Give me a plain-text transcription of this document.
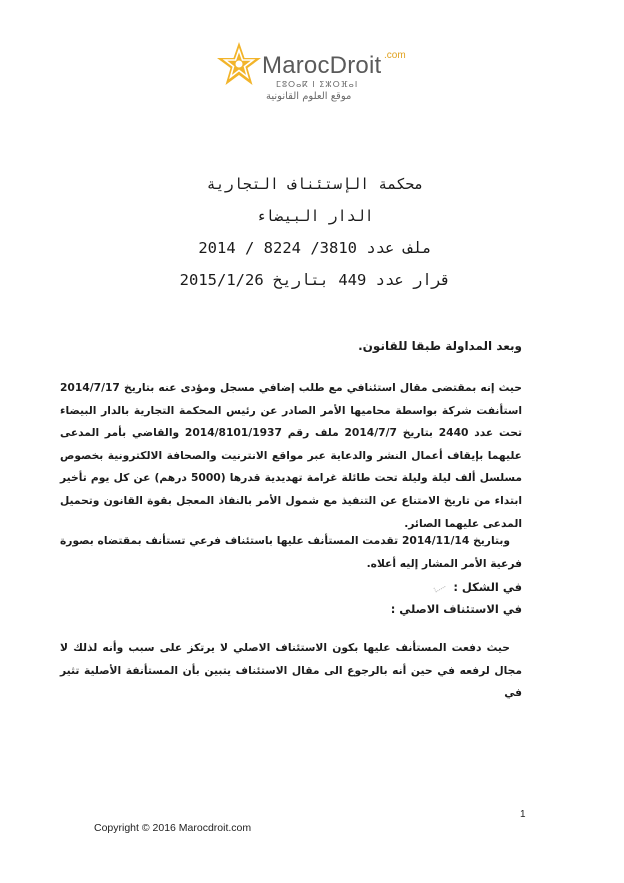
MarocDroit .com
ⵎⵓⵔⴰⴽ ⵏ ⵉⵣⵔⴼⴰⵏ
موقع العلوم القانونية
محكمة الإستئناف التجارية
الدار البيضاء
ملف عدد 3810/ 8224 / 2014
قرار عدد 449 بتاريخ 2015/1/26
وبعد المداولة طبقا للقانون.
حيث إنه بمقتضى مقال استئنافي مع طلب إضافي مسجل ومؤدى عنه بتاريخ 2014/7/17 استأنفت شركة بواسطة محاميها الأمر الصادر عن رئيس المحكمة التجارية بالدار البيضاء تحت عدد 2440 بتاريخ 2014/7/7 ملف رقم 2014/8101/1937 والقاضي بأمر المدعى عليهما بإيقاف أعمال النشر والدعاية عبر مواقع الانترنيت والصحافة الالكترونية بخصوص مسلسل ألف ليلة وليلة تحت طائلة غرامة تهديدية قدرها (5000 درهم) عن كل يوم تأخير ابتداء من تاريخ الامتناع عن التنفيذ مع شمول الأمر بالنفاذ المعجل بقوة القانون وتحميل المدعى عليهما الصائر.
وبتاريخ 2014/11/14 تقدمت المستأنف عليها باستئناف فرعي تستأنف بمقتضاه بصورة فرعية الأمر المشار إليه أعلاه.
في الشكل :
في الاستئناف الاصلي :
حيث دفعت المستأنف عليها بكون الاستئناف الاصلي لا يرتكز على سبب وأنه لذلك لا مجال لرفعه في حين أنه بالرجوع الى مقال الاستئناف يتبين بأن المستأنفة الأصلية تثير في
1
Copyright © 2016 Marocdroit.com
